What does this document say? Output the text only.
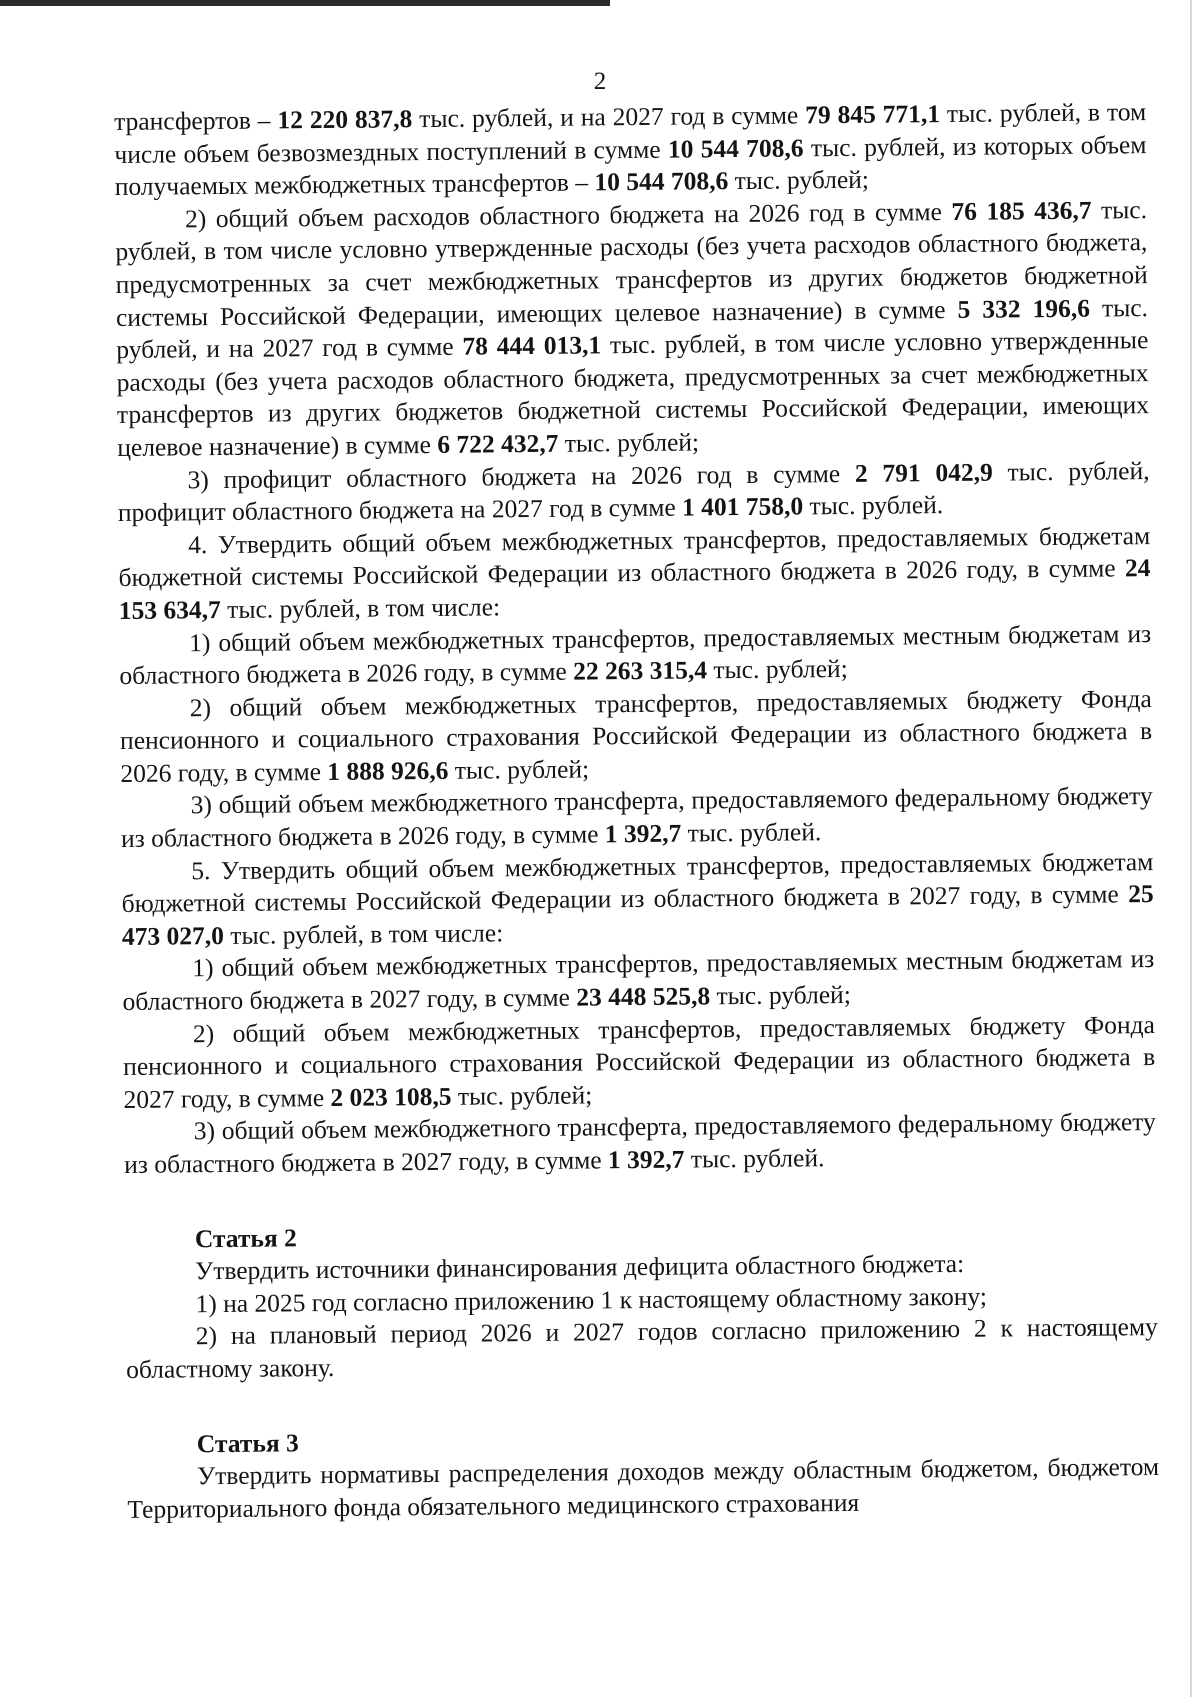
2

трансфертов – 12 220 837,8 тыс. рублей, и на 2027 год в сумме 79 845 771,1 тыс. рублей, в том числе объем безвозмездных поступлений в сумме 10 544 708,6 тыс. рублей, из которых объем получаемых межбюджетных трансфертов – 10 544 708,6 тыс. рублей;

2) общий объем расходов областного бюджета на 2026 год в сумме 76 185 436,7 тыс. рублей, в том числе условно утвержденные расходы (без учета расходов областного бюджета, предусмотренных за счет межбюджетных трансфертов из других бюджетов бюджетной системы Российской Федерации, имеющих целевое назначение) в сумме 5 332 196,6 тыс. рублей, и на 2027 год в сумме 78 444 013,1 тыс. рублей, в том числе условно утвержденные расходы (без учета расходов областного бюджета, предусмотренных за счет межбюджетных трансфертов из других бюджетов бюджетной системы Российской Федерации, имеющих целевое назначение) в сумме 6 722 432,7 тыс. рублей;

3) профицит областного бюджета на 2026 год в сумме 2 791 042,9 тыс. рублей, профицит областного бюджета на 2027 год в сумме 1 401 758,0 тыс. рублей.

4. Утвердить общий объем межбюджетных трансфертов, предоставляемых бюджетам бюджетной системы Российской Федерации из областного бюджета в 2026 году, в сумме 24 153 634,7 тыс. рублей, в том числе:

1) общий объем межбюджетных трансфертов, предоставляемых местным бюджетам из областного бюджета в 2026 году, в сумме 22 263 315,4 тыс. рублей;

2) общий объем межбюджетных трансфертов, предоставляемых бюджету Фонда пенсионного и социального страхования Российской Федерации из областного бюджета в 2026 году, в сумме 1 888 926,6 тыс. рублей;

3) общий объем межбюджетного трансферта, предоставляемого федеральному бюджету из областного бюджета в 2026 году, в сумме 1 392,7 тыс. рублей.

5. Утвердить общий объем межбюджетных трансфертов, предоставляемых бюджетам бюджетной системы Российской Федерации из областного бюджета в 2027 году, в сумме 25 473 027,0 тыс. рублей, в том числе:

1) общий объем межбюджетных трансфертов, предоставляемых местным бюджетам из областного бюджета в 2027 году, в сумме 23 448 525,8 тыс. рублей;

2) общий объем межбюджетных трансфертов, предоставляемых бюджету Фонда пенсионного и социального страхования Российской Федерации из областного бюджета в 2027 году, в сумме 2 023 108,5 тыс. рублей;

3) общий объем межбюджетного трансферта, предоставляемого федеральному бюджету из областного бюджета в 2027 году, в сумме 1 392,7 тыс. рублей.

Статья 2

Утвердить источники финансирования дефицита областного бюджета:

1) на 2025 год согласно приложению 1 к настоящему областному закону;

2) на плановый период 2026 и 2027 годов согласно приложению 2 к настоящему областному закону.

Статья 3

Утвердить нормативы распределения доходов между областным бюджетом, бюджетом Территориального фонда обязательного медицинского страхования
